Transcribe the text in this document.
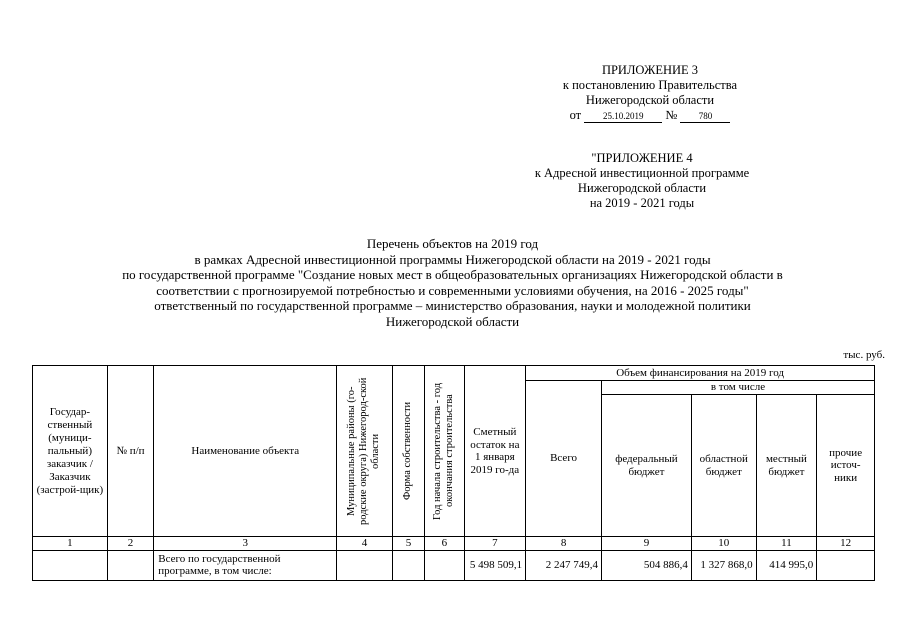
ПРИЛОЖЕНИЕ 3
к постановлению Правительства
Нижегородской области
от 25.10.2019 № 780
"ПРИЛОЖЕНИЕ 4
к Адресной инвестиционной программе
Нижегородской области
на 2019 - 2021 годы
Перечень объектов на 2019 год
в рамках Адресной инвестиционной программы Нижегородской области на 2019 - 2021 годы
по государственной программе "Создание новых мест в общеобразовательных организациях Нижегородской области в
соответствии с прогнозируемой потребностью и современными условиями обучения, на 2016 - 2025 годы"
ответственный по государственной программе – министерство образования, науки и молодежной политики
Нижегородской области
тыс. руб.
Государ-ственный (муници-пальный) заказчик / Заказчик (застрой-щик)	№ п/п	Наименование объекта	Муниципальные районы (го-родские округа) Нижегород-ской области	Форма собственности	Год начала строительства - год окончания строительства	Сметный остаток на 1 января 2019 го-да	Объем финансирования на 2019 год				
							Всего	в том числе			
								федеральный бюджет	областной бюджет	местный бюджет	прочие источ-ники
1	2	3	4	5	6	7	8	9	10	11	12
		Всего по государственной программе, в том числе:				5 498 509,1	2 247 749,4	504 886,4	1 327 868,0	414 995,0	
